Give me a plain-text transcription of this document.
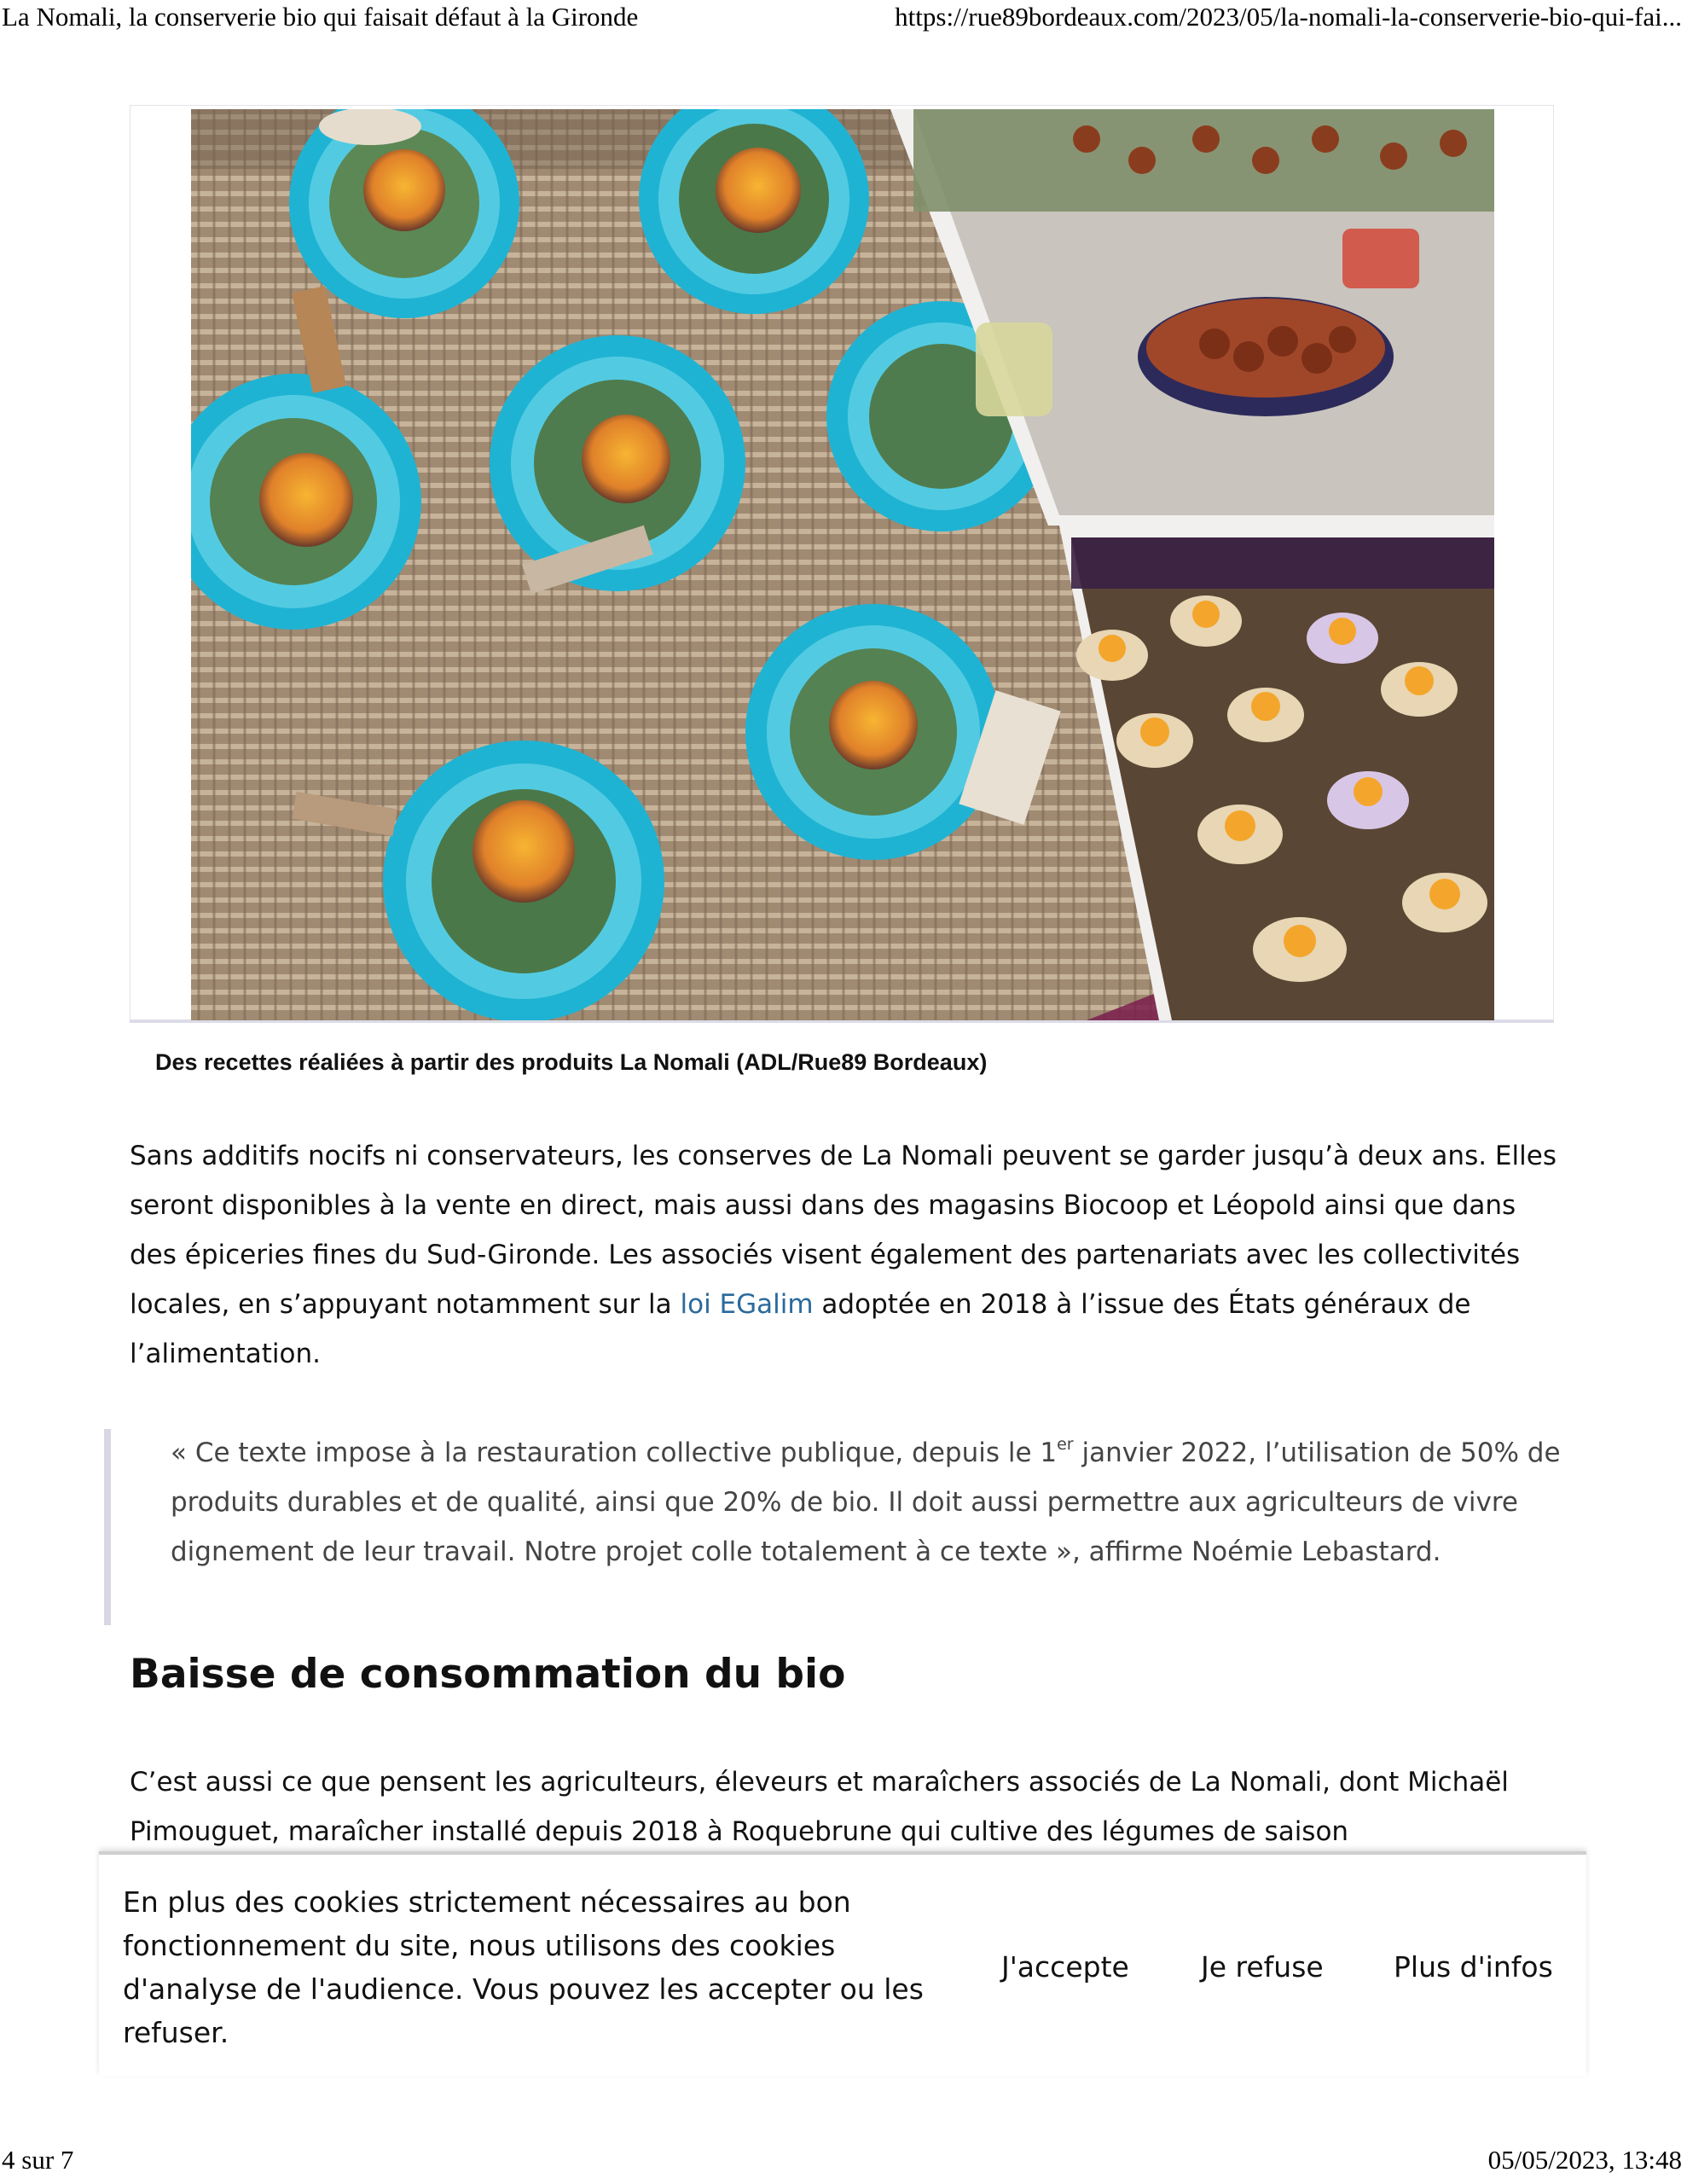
La Nomali, la conserverie bio qui faisait défaut à la Gironde	https://rue89bordeaux.com/2023/05/la-nomali-la-conserverie-bio-qui-fai...
Des recettes réaliées à partir des produits La Nomali (ADL/Rue89 Bordeaux)

Sans additifs nocifs ni conservateurs, les conserves de La Nomali peuvent se garder jusqu’à deux ans. Elles seront disponibles à la vente en direct, mais aussi dans des magasins Biocoop et Léopold ainsi que dans des épiceries fines du Sud-Gironde. Les associés visent également des partenariats avec les collectivités locales, en s’appuyant notamment sur la loi EGalim adoptée en 2018 à l’issue des États généraux de l’alimentation.

« Ce texte impose à la restauration collective publique, depuis le 1er janvier 2022, l’utilisation de 50% de produits durables et de qualité, ainsi que 20% de bio. Il doit aussi permettre aux agriculteurs de vivre dignement de leur travail. Notre projet colle totalement à ce texte », affirme Noémie Lebastard.

Baisse de consommation du bio

C’est aussi ce que pensent les agriculteurs, éleveurs et maraîchers associés de La Nomali, dont Michaël Pimouguet, maraîcher installé depuis 2018 à Roquebrune qui cultive des légumes de saison

En plus des cookies strictement nécessaires au bon fonctionnement du site, nous utilisons des cookies d'analyse de l'audience. Vous pouvez les accepter ou les refuser.
J'accepte	Je refuse Plus d'infos
4 sur 7	05/05/2023, 13:48
